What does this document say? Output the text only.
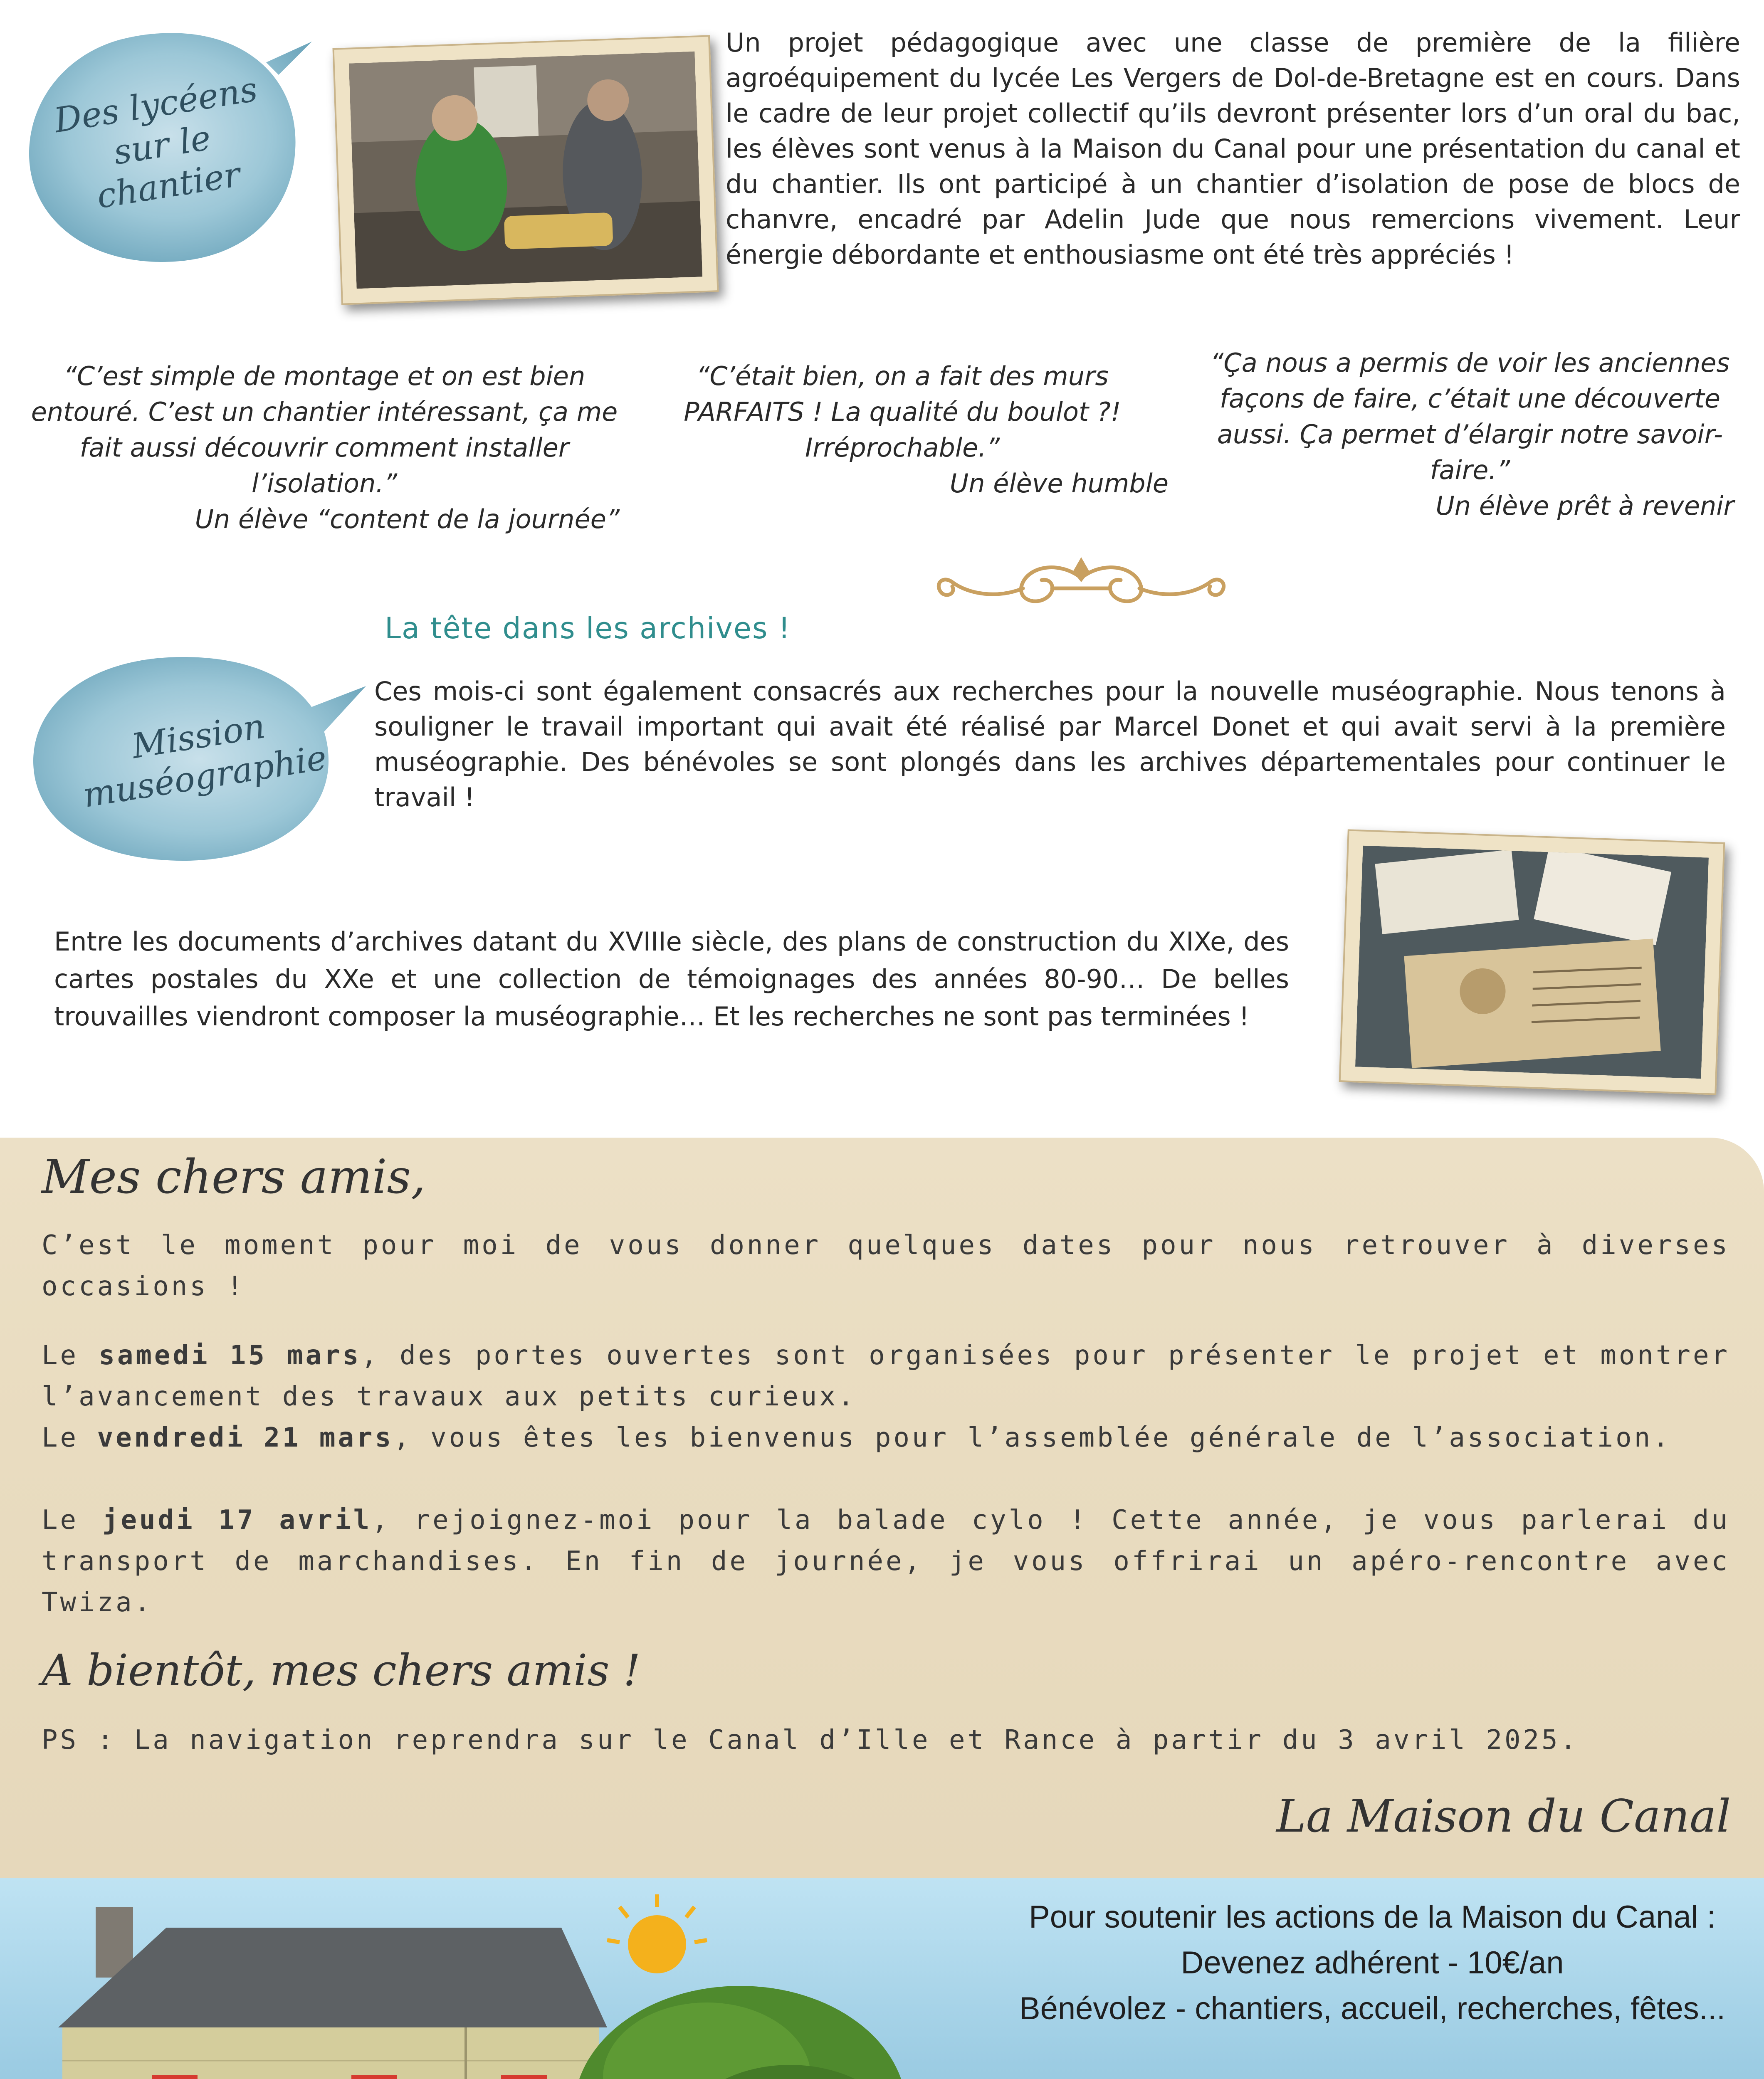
Des lycéens
sur le
chantier
Un projet pédagogique avec une classe de première de la filière agroéquipement du lycée Les Vergers de Dol-de-Bretagne est en cours. Dans le cadre de leur projet collectif qu’ils devront présenter lors d’un oral du bac, les élèves sont venus à la Maison du Canal pour une présentation du canal et du chantier. Ils ont participé à un chantier d’isolation de pose de blocs de chanvre, encadré par Adelin Jude que nous remercions vivement. Leur énergie débordante et enthousiasme ont été très appréciés !
“C’est simple de montage et on est bien entouré. C’est un chantier intéressant, ça me fait aussi découvrir comment installer l’isolation.”
Un élève “content de la journée”
“C’était bien, on a fait des murs PARFAITS ! La qualité du boulot ?! Irréprochable.”
Un élève humble
“Ça nous a permis de voir les anciennes façons de faire, c’était une découverte aussi. Ça permet d’élargir notre savoir-faire.”
Un élève prêt à revenir
Mission
muséographie
La tête dans les archives !
Ces mois-ci sont également consacrés aux recherches pour la nouvelle muséographie. Nous tenons à souligner le travail important qui avait été réalisé par Marcel Donet et qui avait servi à la première muséographie. Des bénévoles se sont plongés dans les archives départementales pour continuer le travail !
Entre les documents d’archives datant du XVIIIe siècle, des plans de construction du XIXe, des cartes postales du XXe et une collection de témoignages des années 80-90… De belles trouvailles viendront composer la muséographie… Et les recherches ne sont pas terminées !
Mes chers amis,
C’est le moment pour moi de vous donner quelques dates pour nous retrouver à diverses occasions !
Le samedi 15 mars, des portes ouvertes sont organisées pour présenter le projet et montrer l’avancement des travaux aux petits curieux.
Le vendredi 21 mars, vous êtes les bienvenus pour l’assemblée générale de l’association.
Le jeudi 17 avril, rejoignez-moi pour la balade cylo ! Cette année, je vous parlerai du transport de marchandises. En fin de journée, je vous offrirai un apéro-rencontre avec Twiza.
A bientôt, mes chers amis !
PS : La navigation reprendra sur le Canal d’Ille et Rance à partir du 3 avril 2025.
La Maison du Canal
Pour soutenir les actions de la Maison du Canal :
Devenez adhérent - 10€/an
Bénévolez - chantiers, accueil, recherches, fêtes...
